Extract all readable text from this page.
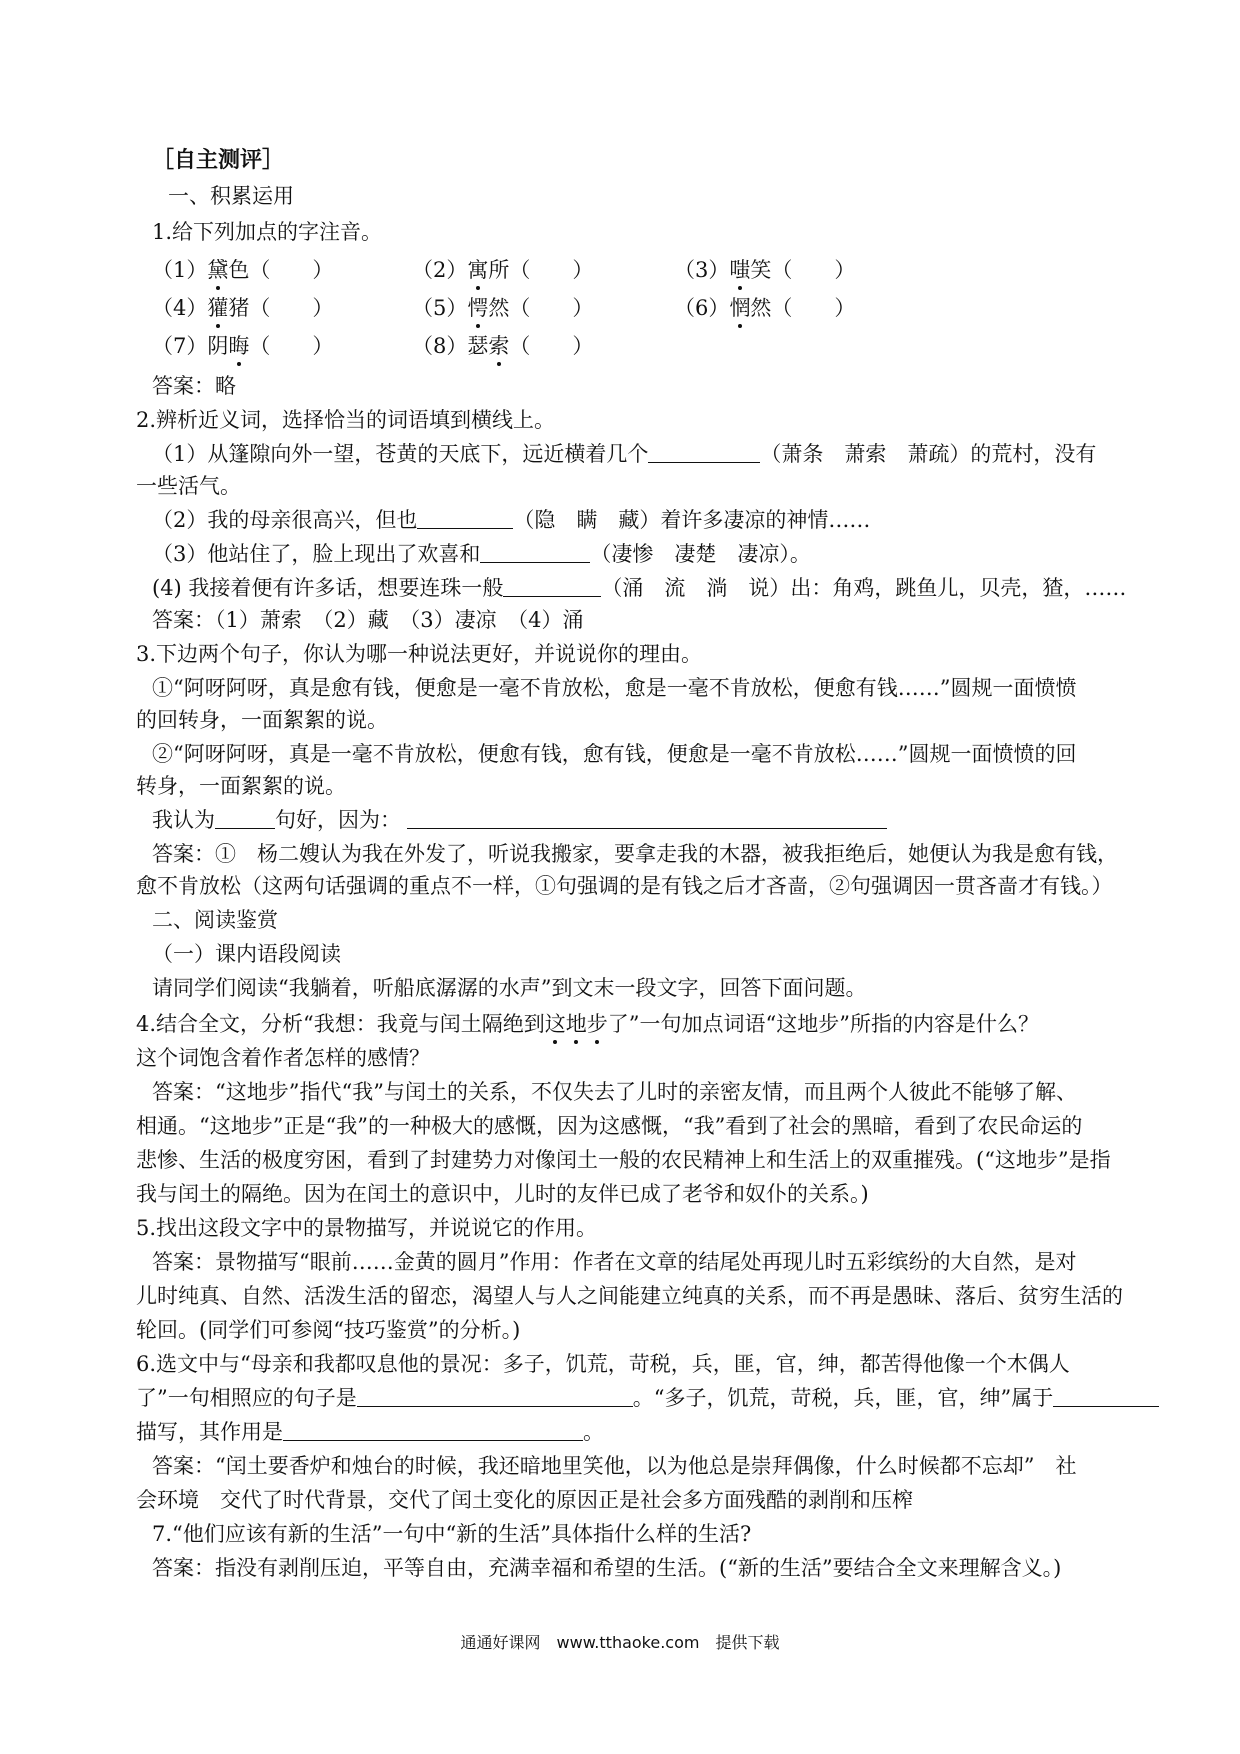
［自主测评］
一、积累运用
1.给下列加点的字注音。
（1）黛色（　　）	（2）寓所（　　）	（3）嗤笑（　　）
（4）獾猪（　　）	（5）愕然（　　）	（6）惘然（　　）
（7）阴晦（　　）	（8）瑟索（　　）
答案：略
2.辨析近义词，选择恰当的词语填到横线上。
（1）从篷隙向外一望，苍黄的天底下，远近横着几个	（萧条　萧索　萧疏）的荒村，没有
一些活气。
（2）我的母亲很高兴，但也	（隐　瞒　藏）着许多凄凉的神情……
（3）他站住了，脸上现出了欢喜和	（凄惨　凄楚　凄凉）。
(4) 我接着便有许多话，想要连珠一般	（涌　流　淌　说）出：角鸡，跳鱼儿，贝壳，猹，……
答案：（1）萧索　（2）藏　（3）凄凉　（4）涌
3.下边两个句子，你认为哪一种说法更好，并说说你的理由。
①“阿呀阿呀，真是愈有钱，便愈是一毫不肯放松，愈是一毫不肯放松，便愈有钱……”圆规一面愤愤
的回转身，一面絮絮的说。
②“阿呀阿呀，真是一毫不肯放松，便愈有钱，愈有钱，便愈是一毫不肯放松……”圆规一面愤愤的回
转身，一面絮絮的说。
我认为	句好，因为：
答案：①　杨二嫂认为我在外发了，听说我搬家，要拿走我的木器，被我拒绝后，她便认为我是愈有钱，
愈不肯放松（这两句话强调的重点不一样，①句强调的是有钱之后才吝啬，②句强调因一贯吝啬才有钱。）
二、阅读鉴赏
（一）课内语段阅读
请同学们阅读“我躺着，听船底潺潺的水声”到文末一段文字，回答下面问题。
4.结合全文，分析“我想：我竟与闰土隔绝到这地步了”一句加点词语“这地步”所指的内容是什么？
这个词饱含着作者怎样的感情？
答案：“这地步”指代“我”与闰土的关系，不仅失去了儿时的亲密友情，而且两个人彼此不能够了解、
相通。“这地步”正是“我”的一种极大的感慨，因为这感慨，“我”看到了社会的黑暗，看到了农民命运的
悲惨、生活的极度穷困，看到了封建势力对像闰土一般的农民精神上和生活上的双重摧残。(“这地步”是指
我与闰土的隔绝。因为在闰土的意识中，儿时的友伴已成了老爷和奴仆的关系。)
5.找出这段文字中的景物描写，并说说它的作用。
答案：景物描写“眼前……金黄的圆月”作用：作者在文章的结尾处再现儿时五彩缤纷的大自然，是对
儿时纯真、自然、活泼生活的留恋，渴望人与人之间能建立纯真的关系，而不再是愚昧、落后、贫穷生活的
轮回。(同学们可参阅“技巧鉴赏”的分析。)
6.选文中与“母亲和我都叹息他的景况：多子，饥荒，苛税，兵，匪，官，绅，都苦得他像一个木偶人
了”一句相照应的句子是	。“多子，饥荒，苛税，兵，匪，官，绅”属于
描写，其作用是	。
答案：“闰土要香炉和烛台的时候，我还暗地里笑他，以为他总是崇拜偶像，什么时候都不忘却”　社
会环境　交代了时代背景，交代了闰土变化的原因正是社会多方面残酷的剥削和压榨
7.“他们应该有新的生活”一句中“新的生活”具体指什么样的生活?
答案：指没有剥削压迫，平等自由，充满幸福和希望的生活。(“新的生活”要结合全文来理解含义。)
通通好课网　www.tthaoke.com　提供下载
